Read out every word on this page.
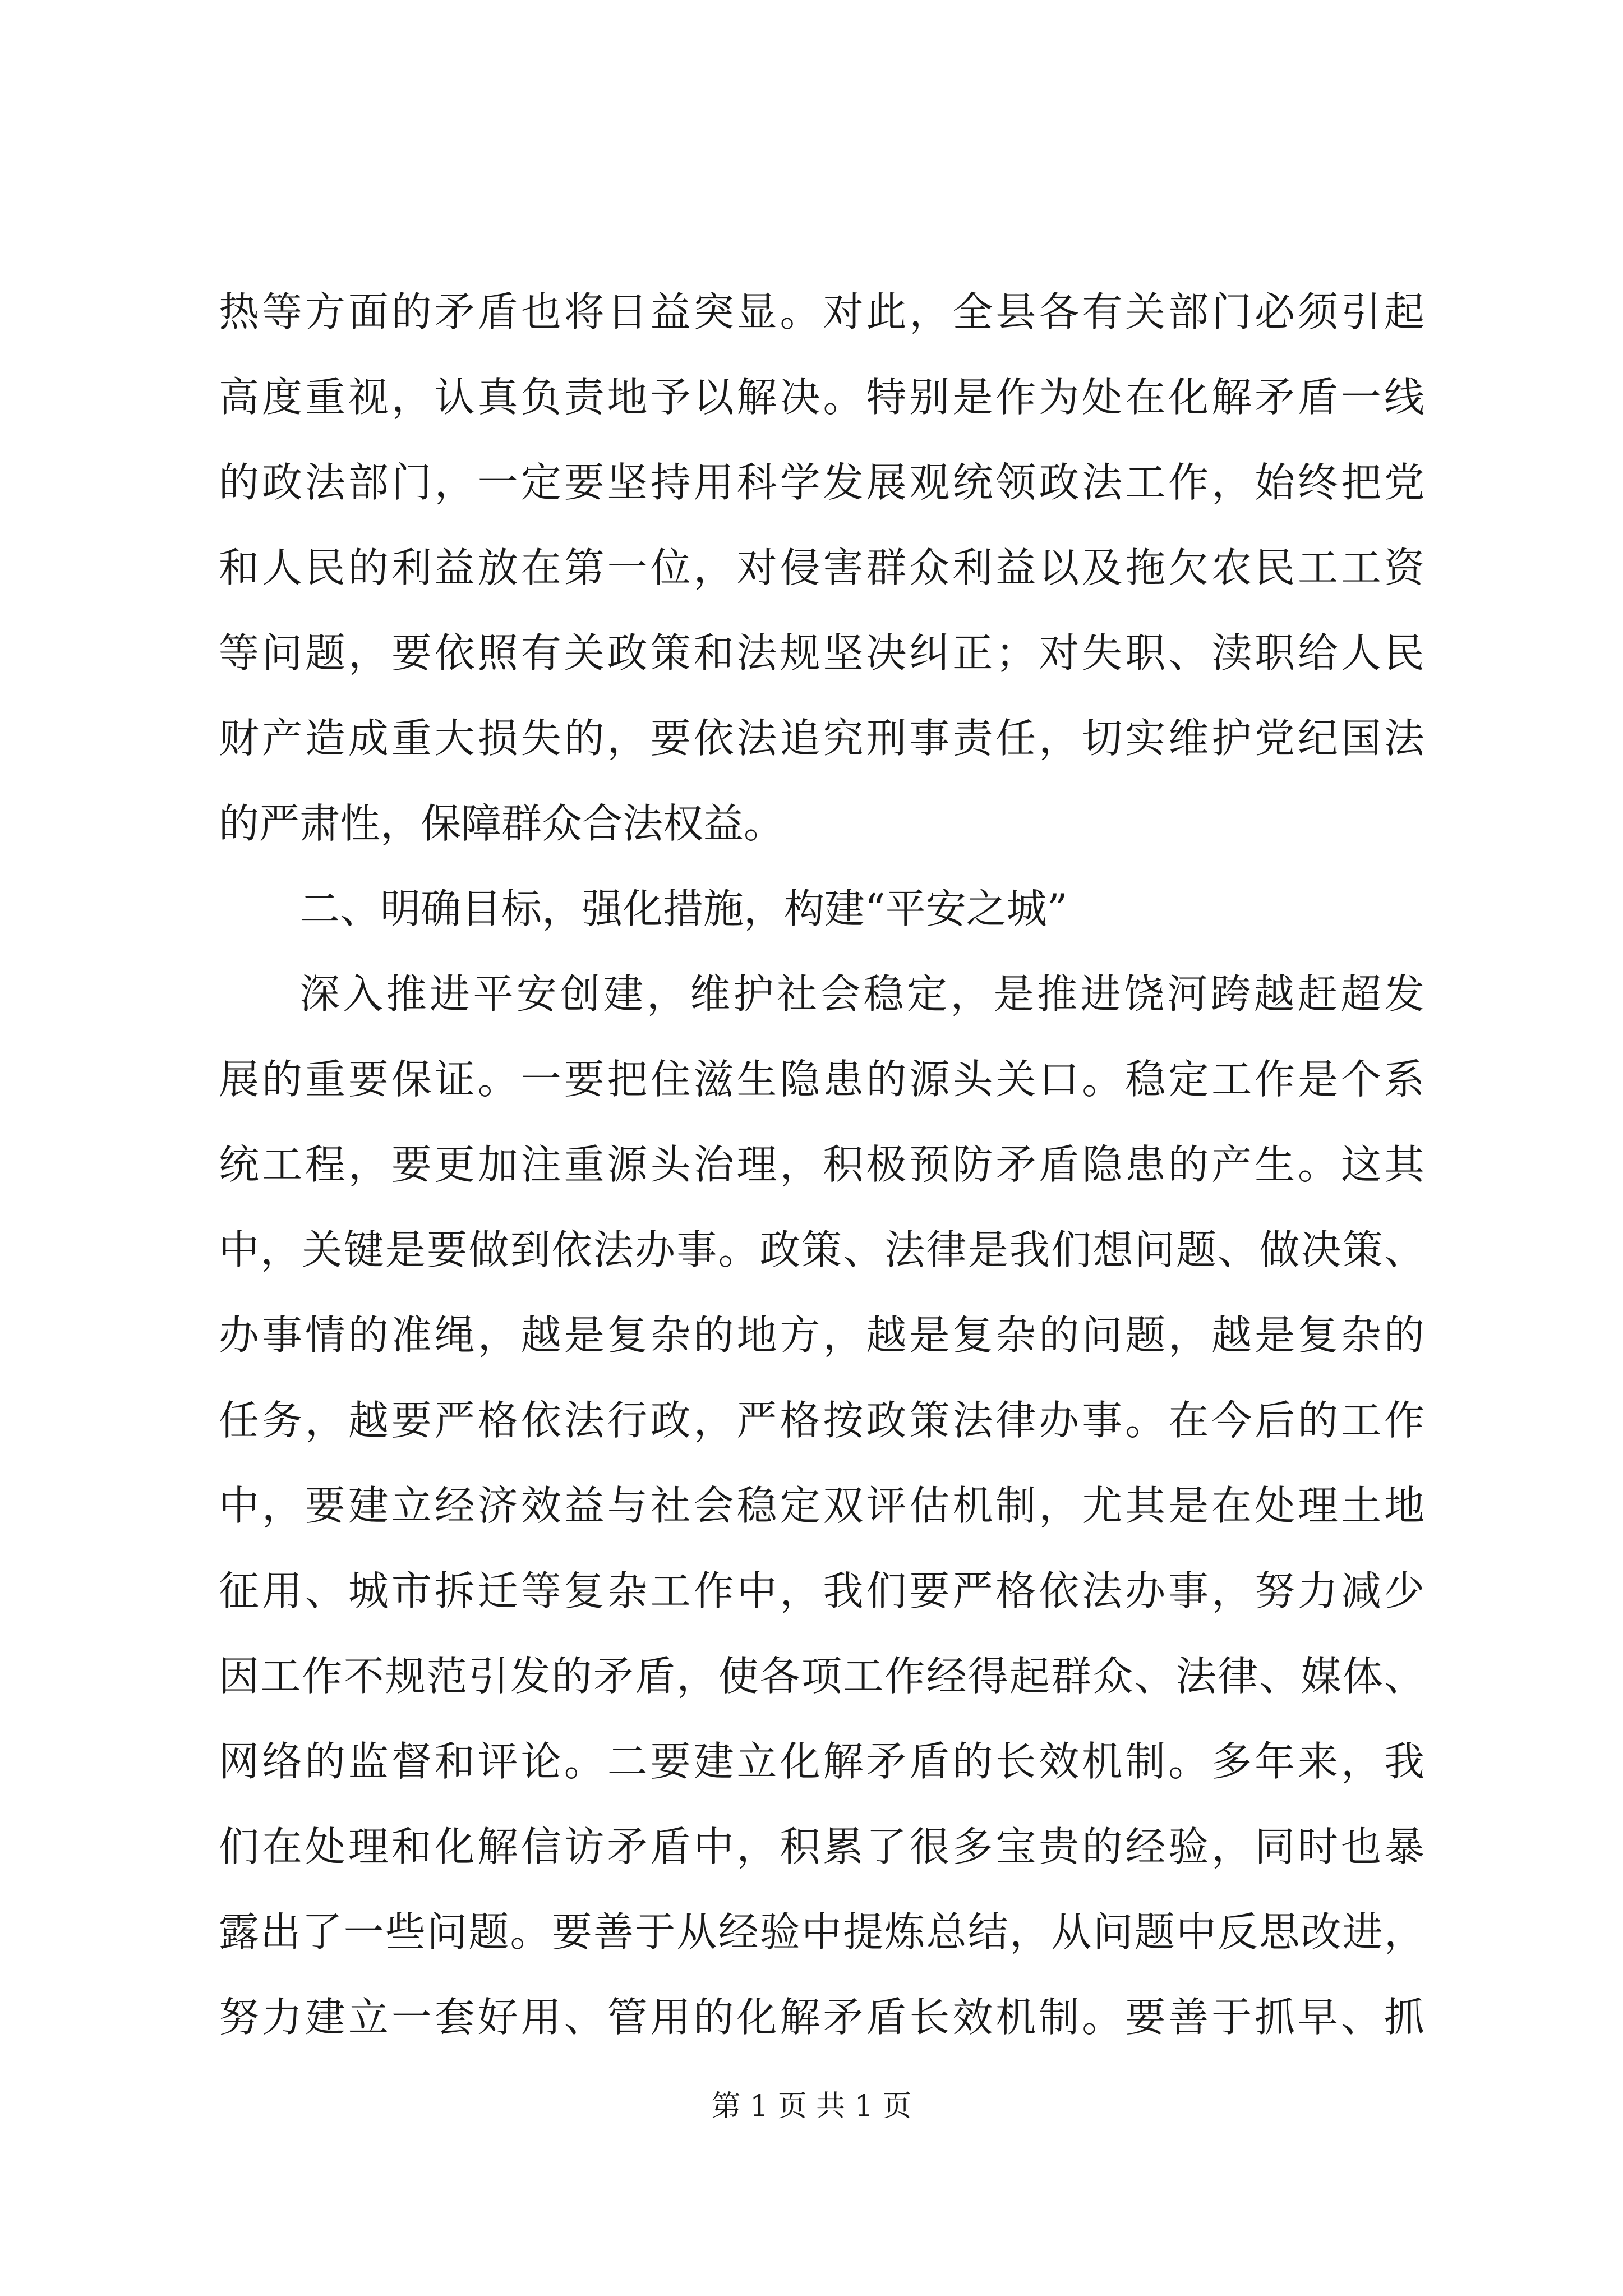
热等方面的矛盾也将日益突显。对此，全县各有关部门必须引起
高度重视，认真负责地予以解决。特别是作为处在化解矛盾一线
的政法部门，一定要坚持用科学发展观统领政法工作，始终把党
和人民的利益放在第一位，对侵害群众利益以及拖欠农民工工资
等问题，要依照有关政策和法规坚决纠正；对失职、渎职给人民
财产造成重大损失的，要依法追究刑事责任，切实维护党纪国法
的严肃性，保障群众合法权益。
二、明确目标，强化措施，构建“平安之城”
深入推进平安创建，维护社会稳定，是推进饶河跨越赶超发
展的重要保证。一要把住滋生隐患的源头关口。稳定工作是个系
统工程，要更加注重源头治理，积极预防矛盾隐患的产生。这其
中，关键是要做到依法办事。政策、法律是我们想问题、做决策、
办事情的准绳，越是复杂的地方，越是复杂的问题，越是复杂的
任务，越要严格依法行政，严格按政策法律办事。在今后的工作
中，要建立经济效益与社会稳定双评估机制，尤其是在处理土地
征用、城市拆迁等复杂工作中，我们要严格依法办事，努力减少
因工作不规范引发的矛盾，使各项工作经得起群众、法律、媒体、
网络的监督和评论。二要建立化解矛盾的长效机制。多年来，我
们在处理和化解信访矛盾中，积累了很多宝贵的经验，同时也暴
露出了一些问题。要善于从经验中提炼总结，从问题中反思改进，
努力建立一套好用、管用的化解矛盾长效机制。要善于抓早、抓
第 1 页 共 1 页
